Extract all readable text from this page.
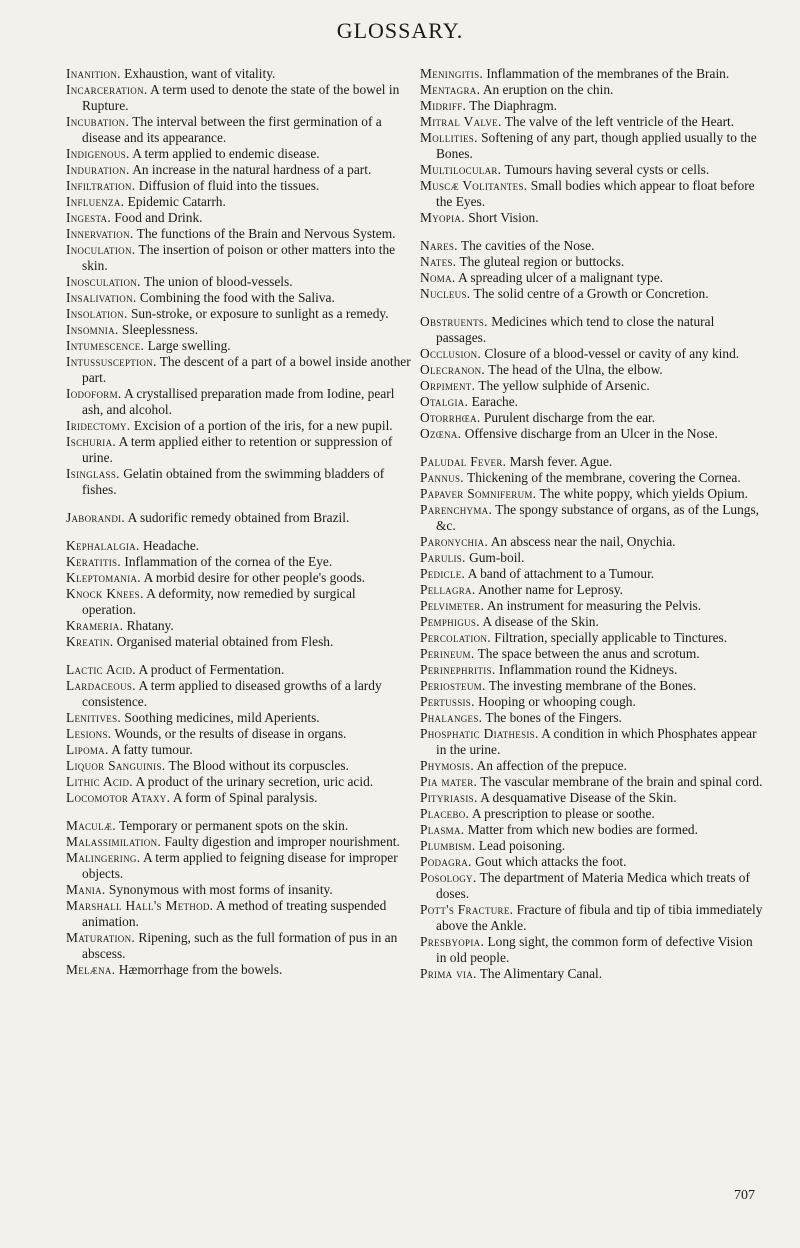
GLOSSARY.

Inanition. Exhaustion, want of vitality.

Incarceration. A term used to denote the state of the bowel in Rupture.

Incubation. The interval between the first germination of a disease and its appearance.

Indigenous. A term applied to endemic disease.

Induration. An increase in the natural hardness of a part.

Infiltration. Diffusion of fluid into the tissues.

Influenza. Epidemic Catarrh.

Ingesta. Food and Drink.

Innervation. The functions of the Brain and Nervous System.

Inoculation. The insertion of poison or other matters into the skin.

Inosculation. The union of blood-vessels.

Insalivation. Combining the food with the Saliva.

Insolation. Sun-stroke, or exposure to sunlight as a remedy.

Insomnia. Sleeplessness.

Intumescence. Large swelling.

Intussusception. The descent of a part of a bowel inside another part.

Iodoform. A crystallised preparation made from Iodine, pearl ash, and alcohol.

Iridectomy. Excision of a portion of the iris, for a new pupil.

Ischuria. A term applied either to retention or suppression of urine.

Isinglass. Gelatin obtained from the swimming bladders of fishes.

Jaborandi. A sudorific remedy obtained from Brazil.

Kephalalgia. Headache.

Keratitis. Inflammation of the cornea of the Eye.

Kleptomania. A morbid desire for other people's goods.

Knock Knees. A deformity, now remedied by surgical operation.

Krameria. Rhatany.

Kreatin. Organised material obtained from Flesh.

Lactic Acid. A product of Fermentation.

Lardaceous. A term applied to diseased growths of a lardy consistence.

Lenitives. Soothing medicines, mild Aperients.

Lesions. Wounds, or the results of disease in organs.

Lipoma. A fatty tumour.

Liquor Sanguinis. The Blood without its corpuscles.

Lithic Acid. A product of the urinary secretion, uric acid.

Locomotor Ataxy. A form of Spinal paralysis.

Maculæ. Temporary or permanent spots on the skin.

Malassimilation. Faulty digestion and improper nourishment.

Malingering. A term applied to feigning disease for improper objects.

Mania. Synonymous with most forms of insanity.

Marshall Hall's Method. A method of treating suspended animation.

Maturation. Ripening, such as the full formation of pus in an abscess.

Melæna. Hæmorrhage from the bowels.

Meningitis. Inflammation of the membranes of the Brain.

Mentagra. An eruption on the chin.

Midriff. The Diaphragm.

Mitral Valve. The valve of the left ventricle of the Heart.

Mollities. Softening of any part, though applied usually to the Bones.

Multilocular. Tumours having several cysts or cells.

Muscæ Volitantes. Small bodies which appear to float before the Eyes.

Myopia. Short Vision.

Nares. The cavities of the Nose.

Nates. The gluteal region or buttocks.

Noma. A spreading ulcer of a malignant type.

Nucleus. The solid centre of a Growth or Concretion.

Obstruents. Medicines which tend to close the natural passages.

Occlusion. Closure of a blood-vessel or cavity of any kind.

Olecranon. The head of the Ulna, the elbow.

Orpiment. The yellow sulphide of Arsenic.

Otalgia. Earache.

Otorrhœa. Purulent discharge from the ear.

Ozœna. Offensive discharge from an Ulcer in the Nose.

Paludal Fever. Marsh fever. Ague.

Pannus. Thickening of the membrane, covering the Cornea.

Papaver Somniferum. The white poppy, which yields Opium.

Parenchyma. The spongy substance of organs, as of the Lungs, &c.

Paronychia. An abscess near the nail, Onychia.

Parulis. Gum-boil.

Pedicle. A band of attachment to a Tumour.

Pellagra. Another name for Leprosy.

Pelvimeter. An instrument for measuring the Pelvis.

Pemphigus. A disease of the Skin.

Percolation. Filtration, specially applicable to Tinctures.

Perineum. The space between the anus and scrotum.

Perinephritis. Inflammation round the Kidneys.

Periosteum. The investing membrane of the Bones.

Pertussis. Hooping or whooping cough.

Phalanges. The bones of the Fingers.

Phosphatic Diathesis. A condition in which Phosphates appear in the urine.

Phymosis. An affection of the prepuce.

Pia mater. The vascular membrane of the brain and spinal cord.

Pityriasis. A desquamative Disease of the Skin.

Placebo. A prescription to please or soothe.

Plasma. Matter from which new bodies are formed.

Plumbism. Lead poisoning.

Podagra. Gout which attacks the foot.

Posology. The department of Materia Medica which treats of doses.

Pott's Fracture. Fracture of fibula and tip of tibia immediately above the Ankle.

Presbyopia. Long sight, the common form of defective Vision in old people.

Prima via. The Alimentary Canal.

707
